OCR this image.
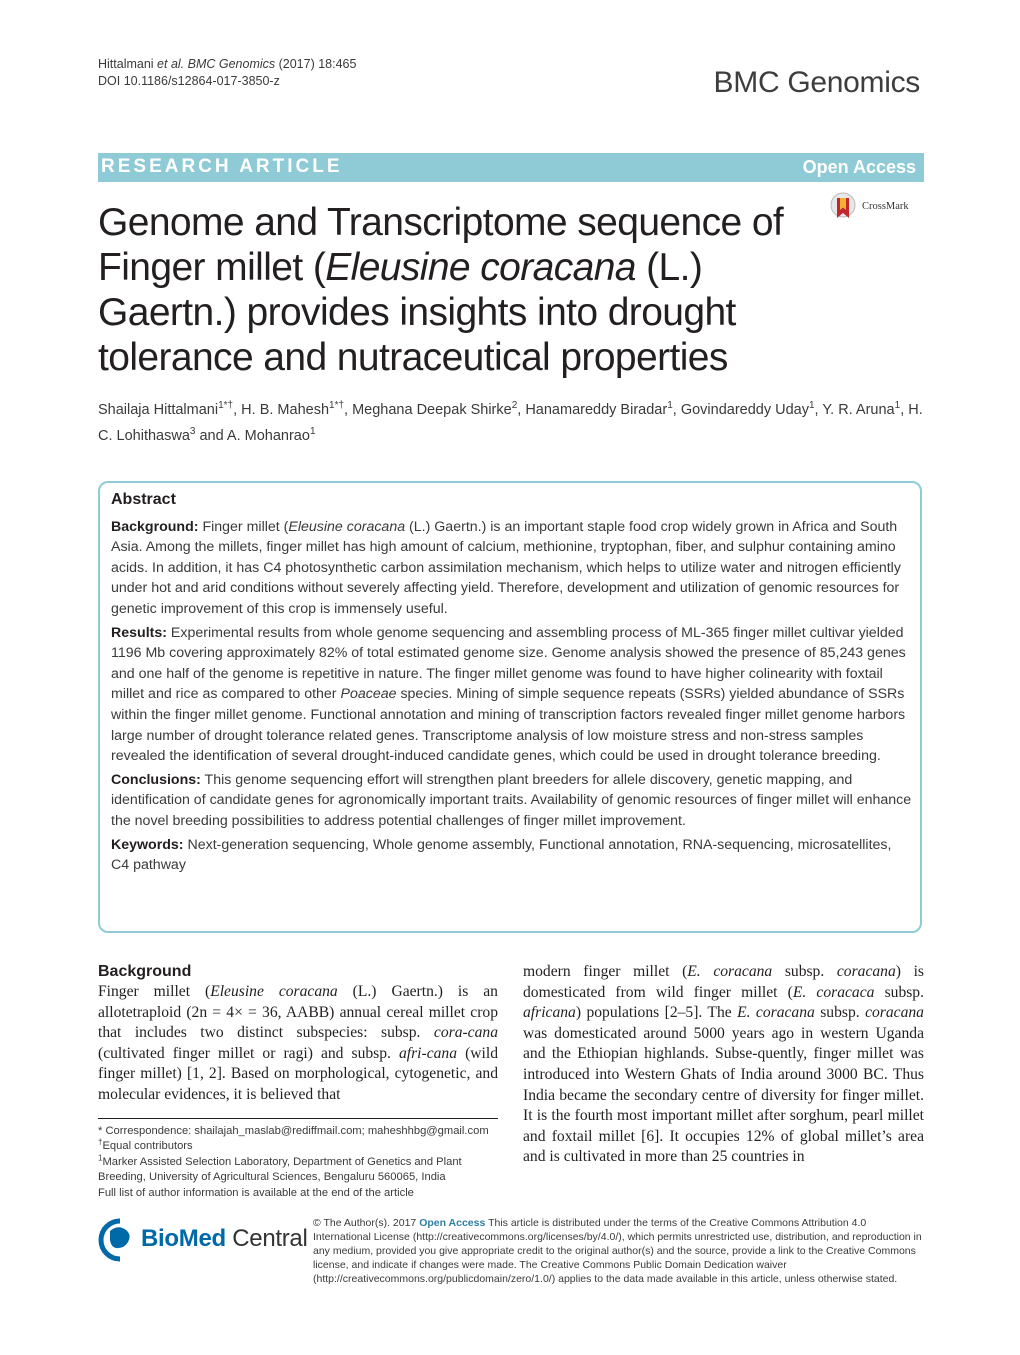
Hittalmani et al. BMC Genomics (2017) 18:465
DOI 10.1186/s12864-017-3850-z	BMC Genomics
RESEARCH ARTICLE	Open Access
Genome and Transcriptome sequence of Finger millet (Eleusine coracana (L.) Gaertn.) provides insights into drought tolerance and nutraceutical properties
CrossMark
Shailaja Hittalmani$^{1*\dagger}$, H. B. Mahesh$^{1*\dagger}$, Meghana Deepak Shirke$^2$, Hanamareddy Biradar$^1$, Govindareddy Uday$^1$, Y. R. Aruna$^1$, H. C. Lohithaswa$^3$ and A. Mohanrao$^1$
Abstract

Background: Finger millet (Eleusine coracana (L.) Gaertn.) is an important staple food crop widely grown in Africa and South Asia. Among the millets, finger millet has high amount of calcium, methionine, tryptophan, fiber, and sulphur containing amino acids. In addition, it has C4 photosynthetic carbon assimilation mechanism, which helps to utilize water and nitrogen efficiently under hot and arid conditions without severely affecting yield. Therefore, development and utilization of genomic resources for genetic improvement of this crop is immensely useful.

Results: Experimental results from whole genome sequencing and assembling process of ML-365 finger millet cultivar yielded 1196 Mb covering approximately 82% of total estimated genome size. Genome analysis showed the presence of 85,243 genes and one half of the genome is repetitive in nature. The finger millet genome was found to have higher colinearity with foxtail millet and rice as compared to other Poaceae species. Mining of simple sequence repeats (SSRs) yielded abundance of SSRs within the finger millet genome. Functional annotation and mining of transcription factors revealed finger millet genome harbors large number of drought tolerance related genes. Transcriptome analysis of low moisture stress and non-stress samples revealed the identification of several drought-induced candidate genes, which could be used in drought tolerance breeding.

Conclusions: This genome sequencing effort will strengthen plant breeders for allele discovery, genetic mapping, and identification of candidate genes for agronomically important traits. Availability of genomic resources of finger millet will enhance the novel breeding possibilities to address potential challenges of finger millet improvement.

Keywords: Next-generation sequencing, Whole genome assembly, Functional annotation, RNA-sequencing, microsatellites, C4 pathway

Background

Finger millet (Eleusine coracana (L.) Gaertn.) is an allotetraploid (2n = 4× = 36, AABB) annual cereal millet crop that includes two distinct subspecies: subsp. cora-cana (cultivated finger millet or ragi) and subsp. afri-cana (wild finger millet) [1, 2]. Based on morphological, cytogenetic, and molecular evidences, it is believed that

modern finger millet (E. coracana subsp. coracana) is domesticated from wild finger millet (E. coracaca subsp. africana) populations [2–5]. The E. coracana subsp. coracana was domesticated around 5000 years ago in western Uganda and the Ethiopian highlands. Subse-quently, finger millet was introduced into Western Ghats of India around 3000 BC. Thus India became the secondary centre of diversity for finger millet. It is the fourth most important millet after sorghum, pearl millet and foxtail millet [6]. It occupies 12% of global millet’s area and is cultivated in more than 25 countries in

* Correspondence: shailajah_maslab@rediffmail.com; maheshhbg@gmail.com

†Equal contributors

$^1$Marker Assisted Selection Laboratory, Department of Genetics and Plant Breeding, University of Agricultural Sciences, Bengaluru 560065, India

Full list of author information is available at the end of the article

BioMed Central
© The Author(s). 2017 Open Access This article is distributed under the terms of the Creative Commons Attribution 4.0 International License (http://creativecommons.org/licenses/by/4.0/), which permits unrestricted use, distribution, and reproduction in any medium, provided you give appropriate credit to the original author(s) and the source, provide a link to the Creative Commons license, and indicate if changes were made. The Creative Commons Public Domain Dedication waiver (http://creativecommons.org/publicdomain/zero/1.0/) applies to the data made available in this article, unless otherwise stated.
